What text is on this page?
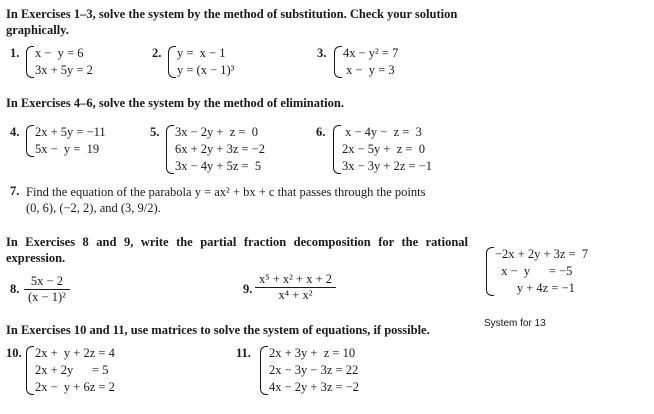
In Exercises 1–3, solve the system by the method of substitution. Check your solution graphically.
1. x −  y = 6
3x + 5y = 2
2. y =  x − 1
y = (x − 1)³
3. 4x − y² = 7
x −  y = 3
In Exercises 4–6, solve the system by the method of elimination.
4. 2x + 5y = −11
5x −  y =  19
5. 3x − 2y +  z =  0
6x + 2y + 3z = −2
3x − 4y + 5z =  5
6. x − 4y −  z =  3
2x − 5y +  z =  0
3x − 3y + 2z = −1
7. Find the equation of the parabola y = ax² + bx + c that passes through the points
(0, 6), (−2, 2), and (3, 9/2).
In Exercises 8 and 9, write the partial fraction decomposition for the rational expression.
8. $\frac{5x - 2}{\text{(x − 1)²}}$	9. $\frac{\text{x⁵ + x² + x + 2}}{\text{x⁴ + x²}}$
−2x + 2y + 3z =  7
x −  y      = −5
y + 4z = −1
System for 13
In Exercises 10 and 11, use matrices to solve the system of equations, if possible.
10. 2x +  y + 2z = 4
2x + 2y      = 5
2x −  y + 6z = 2
11. 2x + 3y +  z = 10
2x − 3y − 3z = 22
4x − 2y + 3z = −2
